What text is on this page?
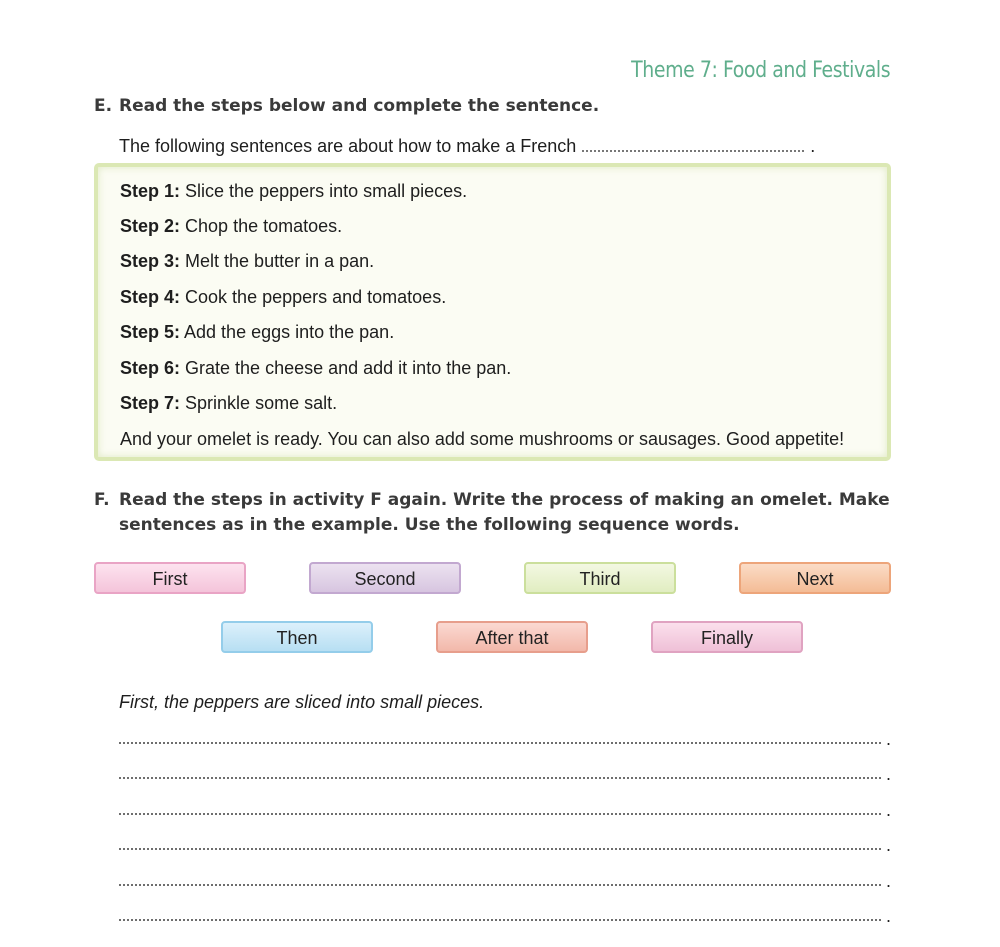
Theme 7: Food and Festivals
E. Read the steps below and complete the sentence.
The following sentences are about how to make a French	.
Step 1: Slice the peppers into small pieces.
Step 2: Chop the tomatoes.
Step 3: Melt the butter in a pan.
Step 4: Cook the peppers and tomatoes.
Step 5: Add the eggs into the pan.
Step 6: Grate the cheese and add it into the pan.
Step 7: Sprinkle some salt.
And your omelet is ready. You can also add some mushrooms or sausages. Good appetite!
F. Read the steps in activity F again. Write the process of making an omelet. Make sentences as in the example. Use the following sequence words.
First	Second	Third	Next
Then	After that	Finally
First, the peppers are sliced into small pieces.
.
.
.
.
.
.
